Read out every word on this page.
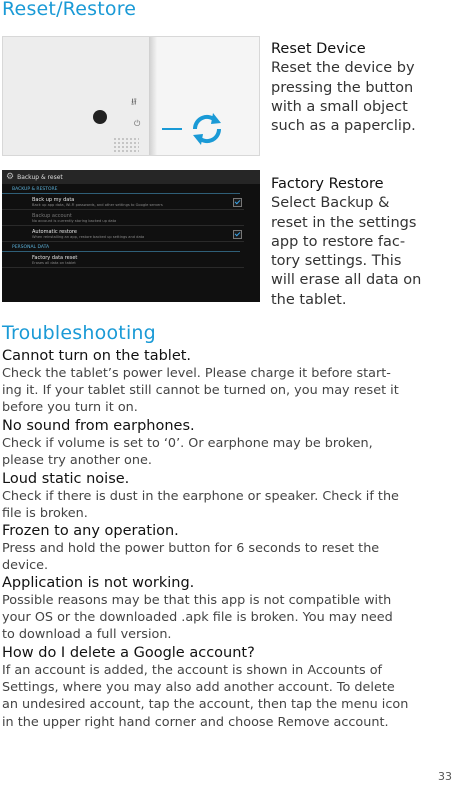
Reset/Restore
⭿
⏻
Reset Device
Reset the device by
pressing the button
with a small object
such as a paperclip.
⚙ Backup & reset
BACKUP & RESTORE
Back up my data
Back up app data, Wi-Fi passwords, and other settings to Google servers
Backup account
No account is currently storing backed up data
Automatic restore
When reinstalling an app, restore backed up settings and data
PERSONAL DATA
Factory data reset
Erases all data on tablet
Factory Restore
Select Backup &
reset in the settings
app to restore fac-
tory settings. This
will erase all data on
the tablet.
Troubleshooting
Cannot turn on the tablet.
Check the tablet’s power level. Please charge it before start-
ing it. If your tablet still cannot be turned on, you may reset it
before you turn it on.
No sound from earphones.
Check if volume is set to ‘0’. Or earphone may be broken,
please try another one.
Loud static noise.
Check if there is dust in the earphone or speaker. Check if the
file is broken.
Frozen to any operation.
Press and hold the power button for 6 seconds to reset the
device.
Application is not working.
Possible reasons may be that this app is not compatible with
your OS or the downloaded .apk file is broken. You may need
to download a full version.
How do I delete a Google account?
If an account is added, the account is shown in Accounts of
Settings, where you may also add another account. To delete
an undesired account, tap the account, then tap the menu icon
in the upper right hand corner and choose Remove account.
33
